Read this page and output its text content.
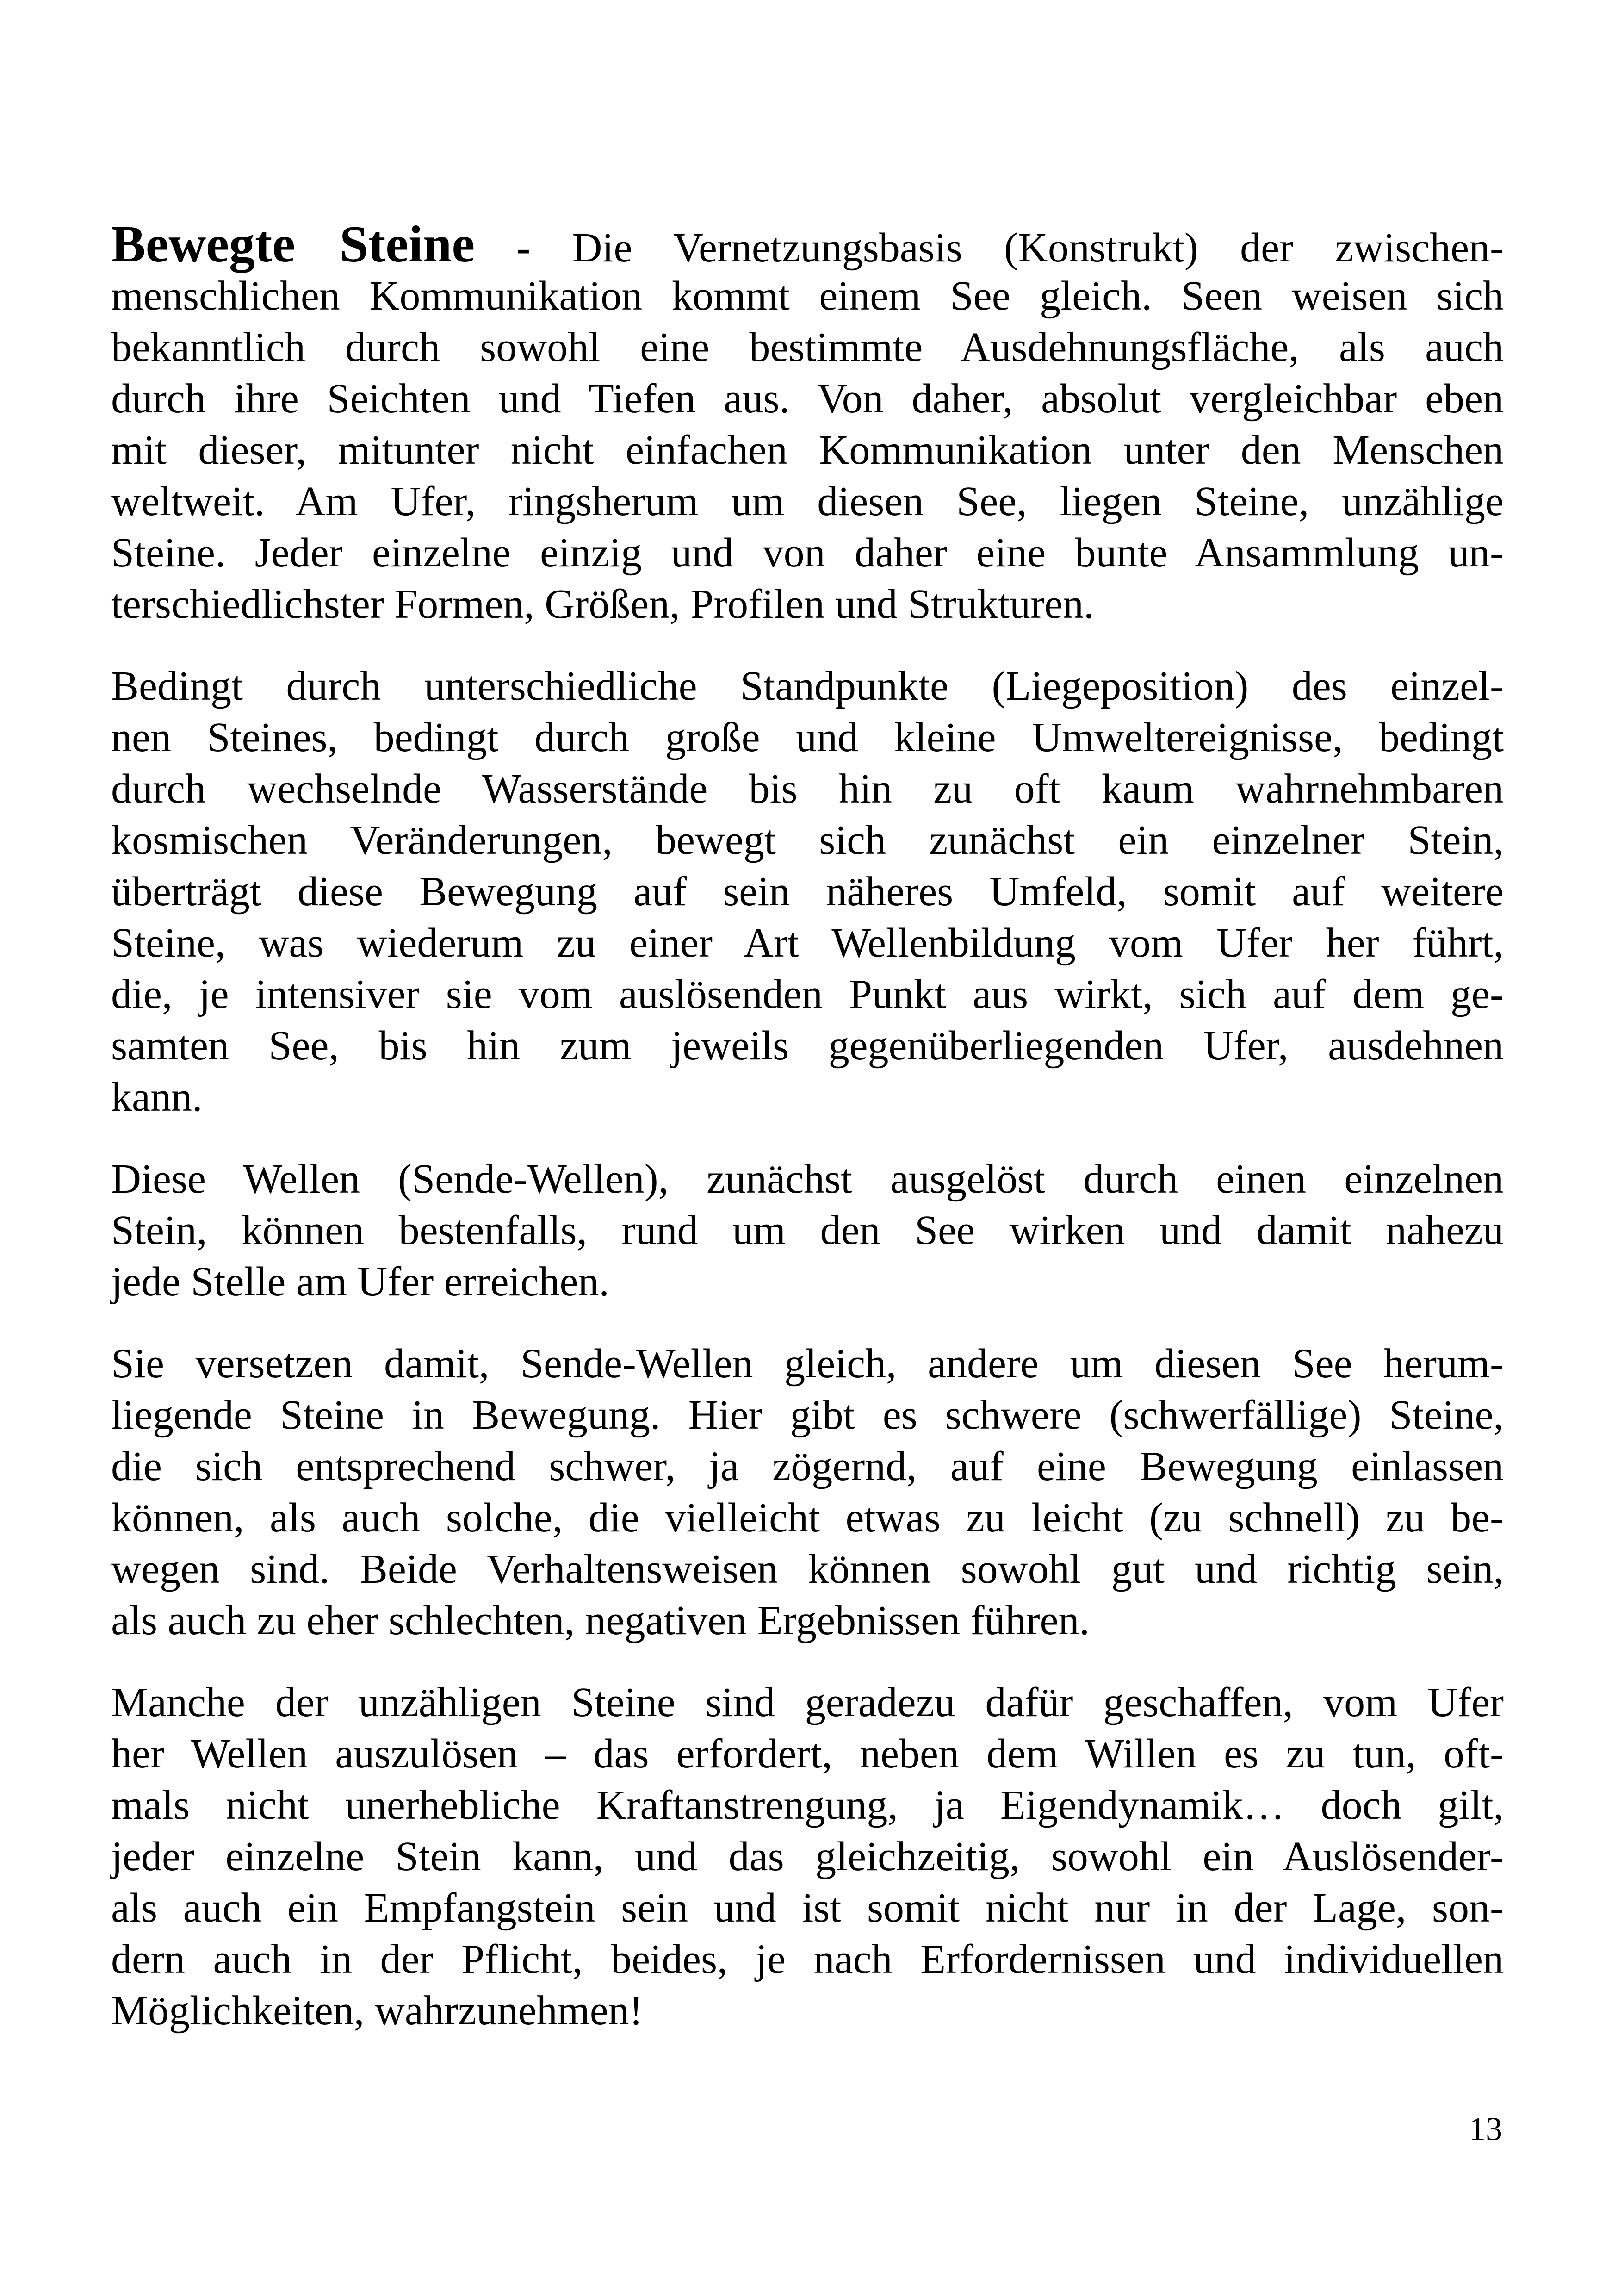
Bewegte Steine - Die Vernetzungsbasis (Konstrukt) der zwischen-
menschlichen Kommunikation kommt einem See gleich. Seen weisen sich
bekanntlich durch sowohl eine bestimmte Ausdehnungsfläche, als auch
durch ihre Seichten und Tiefen aus. Von daher, absolut vergleichbar eben
mit dieser, mitunter nicht einfachen Kommunikation unter den Menschen
weltweit. Am Ufer, ringsherum um diesen See, liegen Steine, unzählige
Steine. Jeder einzelne einzig und von daher eine bunte Ansammlung un-
terschiedlichster Formen, Größen, Profilen und Strukturen.
Bedingt durch unterschiedliche Standpunkte (Liegeposition) des einzel-
nen Steines, bedingt durch große und kleine Umweltereignisse, bedingt
durch wechselnde Wasserstände bis hin zu oft kaum wahrnehmbaren
kosmischen Veränderungen, bewegt sich zunächst ein einzelner Stein,
überträgt diese Bewegung auf sein näheres Umfeld, somit auf weitere
Steine, was wiederum zu einer Art Wellenbildung vom Ufer her führt,
die, je intensiver sie vom auslösenden Punkt aus wirkt, sich auf dem ge-
samten See, bis hin zum jeweils gegenüberliegenden Ufer, ausdehnen
kann.
Diese Wellen (Sende-Wellen), zunächst ausgelöst durch einen einzelnen
Stein, können bestenfalls, rund um den See wirken und damit nahezu
jede Stelle am Ufer erreichen.
Sie versetzen damit, Sende-Wellen gleich, andere um diesen See herum-
liegende Steine in Bewegung. Hier gibt es schwere (schwerfällige) Steine,
die sich entsprechend schwer, ja zögernd, auf eine Bewegung einlassen
können, als auch solche, die vielleicht etwas zu leicht (zu schnell) zu be-
wegen sind. Beide Verhaltensweisen können sowohl gut und richtig sein,
als auch zu eher schlechten, negativen Ergebnissen führen.
Manche der unzähligen Steine sind geradezu dafür geschaffen, vom Ufer
her Wellen auszulösen – das erfordert, neben dem Willen es zu tun, oft-
mals nicht unerhebliche Kraftanstrengung, ja Eigendynamik… doch gilt,
jeder einzelne Stein kann, und das gleichzeitig, sowohl ein Auslösender-
als auch ein Empfangstein sein und ist somit nicht nur in der Lage, son-
dern auch in der Pflicht, beides, je nach Erfordernissen und individuellen
Möglichkeiten, wahrzunehmen!
13
